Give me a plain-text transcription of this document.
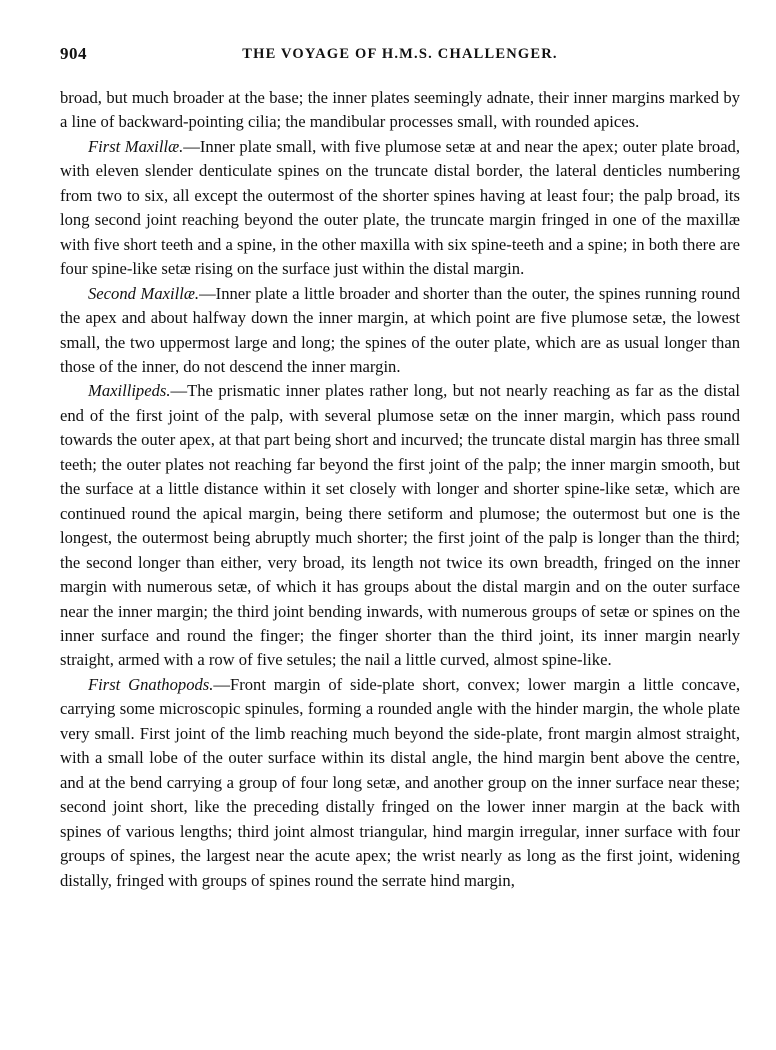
904	THE VOYAGE OF H.M.S. CHALLENGER.

broad, but much broader at the base; the inner plates seemingly adnate, their inner margins marked by a line of backward-pointing cilia; the mandibular processes small, with rounded apices.

First Maxillæ.—Inner plate small, with five plumose setæ at and near the apex; outer plate broad, with eleven slender denticulate spines on the truncate distal border, the lateral denticles numbering from two to six, all except the outermost of the shorter spines having at least four; the palp broad, its long second joint reaching beyond the outer plate, the truncate margin fringed in one of the maxillæ with five short teeth and a spine, in the other maxilla with six spine-teeth and a spine; in both there are four spine-like setæ rising on the surface just within the distal margin.

Second Maxillæ.—Inner plate a little broader and shorter than the outer, the spines running round the apex and about halfway down the inner margin, at which point are five plumose setæ, the lowest small, the two uppermost large and long; the spines of the outer plate, which are as usual longer than those of the inner, do not descend the inner margin.

Maxillipeds.—The prismatic inner plates rather long, but not nearly reaching as far as the distal end of the first joint of the palp, with several plumose setæ on the inner margin, which pass round towards the outer apex, at that part being short and incurved; the truncate distal margin has three small teeth; the outer plates not reaching far beyond the first joint of the palp; the inner margin smooth, but the surface at a little distance within it set closely with longer and shorter spine-like setæ, which are continued round the apical margin, being there setiform and plumose; the outermost but one is the longest, the outermost being abruptly much shorter; the first joint of the palp is longer than the third; the second longer than either, very broad, its length not twice its own breadth, fringed on the inner margin with numerous setæ, of which it has groups about the distal margin and on the outer surface near the inner margin; the third joint bending inwards, with numerous groups of setæ or spines on the inner surface and round the finger; the finger shorter than the third joint, its inner margin nearly straight, armed with a row of five setules; the nail a little curved, almost spine-like.

First Gnathopods.—Front margin of side-plate short, convex; lower margin a little concave, carrying some microscopic spinules, forming a rounded angle with the hinder margin, the whole plate very small. First joint of the limb reaching much beyond the side-plate, front margin almost straight, with a small lobe of the outer surface within its distal angle, the hind margin bent above the centre, and at the bend carrying a group of four long setæ, and another group on the inner surface near these; second joint short, like the preceding distally fringed on the lower inner margin at the back with spines of various lengths; third joint almost triangular, hind margin irregular, inner surface with four groups of spines, the largest near the acute apex; the wrist nearly as long as the first joint, widening distally, fringed with groups of spines round the serrate hind margin,
